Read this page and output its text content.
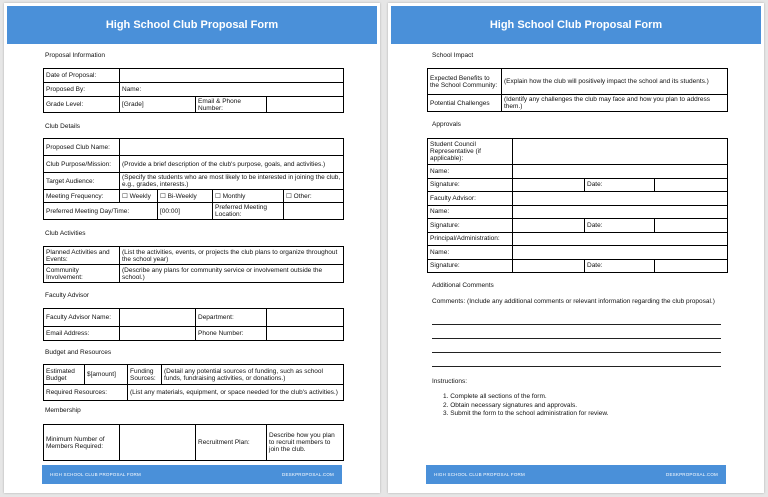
High School Club Proposal Form
HIGH SCHOOL CLUB PROPOSAL FORM	DESKPROPOSAL.COM
High School Club Proposal Form
HIGH SCHOOL CLUB PROPOSAL FORM	DESKPROPOSAL.COM
Proposal Information
Date of Proposal:			
Proposed By:	Name:		
Grade Level:	[Grade]	Email & Phone Number:	
Club Details
Proposed Club Name:				
Club Purpose/Mission:	(Provide a brief description of the club's purpose, goals, and activities.)			
Target Audience:	(Specify the students who are most likely to be interested in joining the club, e.g., grades, interests.)			
Meeting Frequency:	☐ Weekly	☐ Bi-Weekly	☐ Monthly	☐ Other:
Preferred Meeting Day/Time:		[00:00]	Preferred Meeting Location:	
Club Activities
Planned Activities and Events:	(List the activities, events, or projects the club plans to organize throughout the school year)
Community Involvement:	(Describe any plans for community service or involvement outside the school.)
Faculty Advisor
Faculty Advisor Name:		Department:	
Email Address:		Phone Number:	
Budget and Resources
Estimated Budget	$[amount]	Funding Sources:	(Detail any potential sources of funding, such as school funds, fundraising activities, or donations.)
Required Resources:		(List any materials, equipment, or space needed for the club's activities.)	
Membership
Minimum Number of Members Required:		Recruitment Plan:	Describe how you plan to recruit members to join the club.
School Impact
Expected Benefits to the School Community:	(Explain how the club will positively impact the school and its students.)
Potential Challenges	(Identify any challenges the club may face and how you plan to address them.)
Approvals
Student Council Representative (if applicable):			
Name:			
Signature:		Date:	
Faculty Advisor:			
Name:			
Signature:		Date:	
Principal/Administration:			
Name:			
Signature:		Date:	
Additional Comments
Comments: (Include any additional comments or relevant information regarding the club proposal.)
Instructions:
1. Complete all sections of the form.
2. Obtain necessary signatures and approvals.
3. Submit the form to the school administration for review.
